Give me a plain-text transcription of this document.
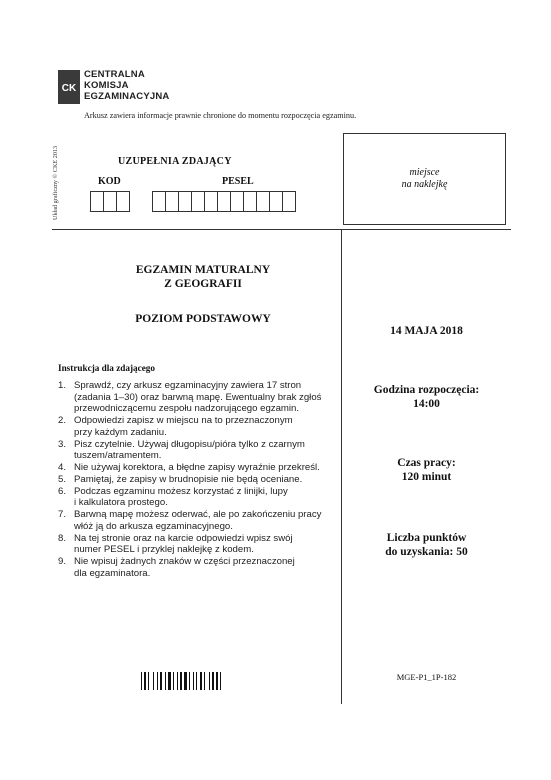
CK
CENTRALNA
KOMISJA
EGZAMINACYJNA
Arkusz zawiera informacje prawnie chronione do momentu rozpoczęcia egzaminu.
Układ graficzny © CKE 2013	UZUPEŁNIA ZDAJĄCY
KOD	PESEL
miejsce
na naklejkę
EGZAMIN MATURALNY
Z GEOGRAFII
POZIOM PODSTAWOWY
Instrukcja dla zdającego
1. Sprawdź, czy arkusz egzaminacyjny zawiera 17 stron
(zadania 1–30) oraz barwną mapę. Ewentualny brak zgłoś
przewodniczącemu zespołu nadzorującego egzamin.
2. Odpowiedzi zapisz w miejscu na to przeznaczonym
przy każdym zadaniu.
3. Pisz czytelnie. Używaj długopisu/pióra tylko z czarnym
tuszem/atramentem.
4. Nie używaj korektora, a błędne zapisy wyraźnie przekreśl.
5. Pamiętaj, że zapisy w brudnopisie nie będą oceniane.
6. Podczas egzaminu możesz korzystać z linijki, lupy
i kalkulatora prostego.
7. Barwną mapę możesz oderwać, ale po zakończeniu pracy
włóż ją do arkusza egzaminacyjnego.
8. Na tej stronie oraz na karcie odpowiedzi wpisz swój
numer PESEL i przyklej naklejkę z kodem.
9. Nie wpisuj żadnych znaków w części przeznaczonej
dla egzaminatora.
14 MAJA 2018
Godzina rozpoczęcia:
14:00
Czas pracy:
120 minut
Liczba punktów
do uzyskania: 50
MGE-P1_1P-182
